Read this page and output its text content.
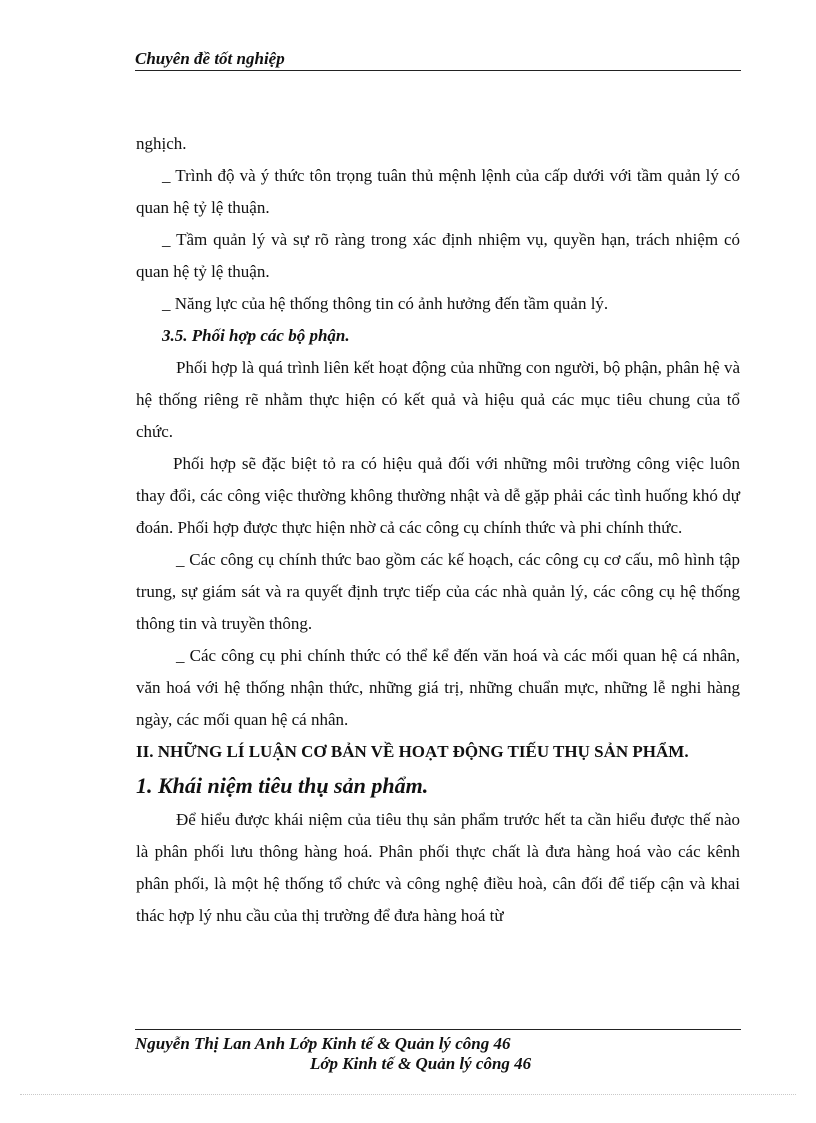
Chuyên đề tốt nghiệp

nghịch.

_ Trình độ và ý thức tôn trọng tuân thủ mệnh lệnh của cấp dưới với tầm quản lý có quan hệ tỷ lệ thuận.

_ Tầm quản lý và sự rõ ràng trong xác định nhiệm vụ, quyền hạn, trách nhiệm có quan hệ tỷ lệ thuận.

_ Năng lực của hệ thống thông tin có ảnh hưởng đến tầm quản lý.

3.5. Phối hợp các bộ phận.

Phối hợp là quá trình liên kết hoạt động của những con người, bộ phận, phân hệ và hệ thống riêng rẽ nhằm thực hiện có kết quả và hiệu quả các mục tiêu chung của tổ chức.

Phối hợp sẽ đặc biệt tỏ ra có hiệu quả đối với những môi trường công việc luôn thay đổi, các công việc thường không thường nhật và dễ gặp phải các tình huống khó dự đoán. Phối hợp được thực hiện nhờ cả các công cụ chính thức và phi chính thức.

_ Các công cụ chính thức bao gồm các kế hoạch, các công cụ cơ cấu, mô hình tập trung, sự giám sát và ra quyết định trực tiếp của các nhà quản lý, các công cụ hệ thống thông tin và truyền thông.

_ Các công cụ phi chính thức có thể kể đến văn hoá và các mối quan hệ cá nhân, văn hoá với hệ thống nhận thức, những giá trị, những chuẩn mực, những lễ nghi hàng ngày, các mối quan hệ cá nhân.

II. NHỮNG LÍ LUẬN CƠ BẢN VỀ HOẠT ĐỘNG TIẾU THỤ SẢN PHẨM.

1. Khái niệm tiêu thụ sản phẩm.

Để hiểu được khái niệm của tiêu thụ sản phẩm trước hết ta cần hiểu được thế nào là phân phối lưu thông hàng hoá. Phân phối thực chất là đưa hàng hoá vào các kênh phân phối, là một hệ thống tổ chức và công nghệ điều hoà, cân đối để tiếp cận và khai thác hợp lý nhu cầu của thị trường để đưa hàng hoá từ

Nguyễn Thị Lan Anh Lớp Kinh tế & Quản lý công 46
Lớp Kinh tế & Quản lý công 46
